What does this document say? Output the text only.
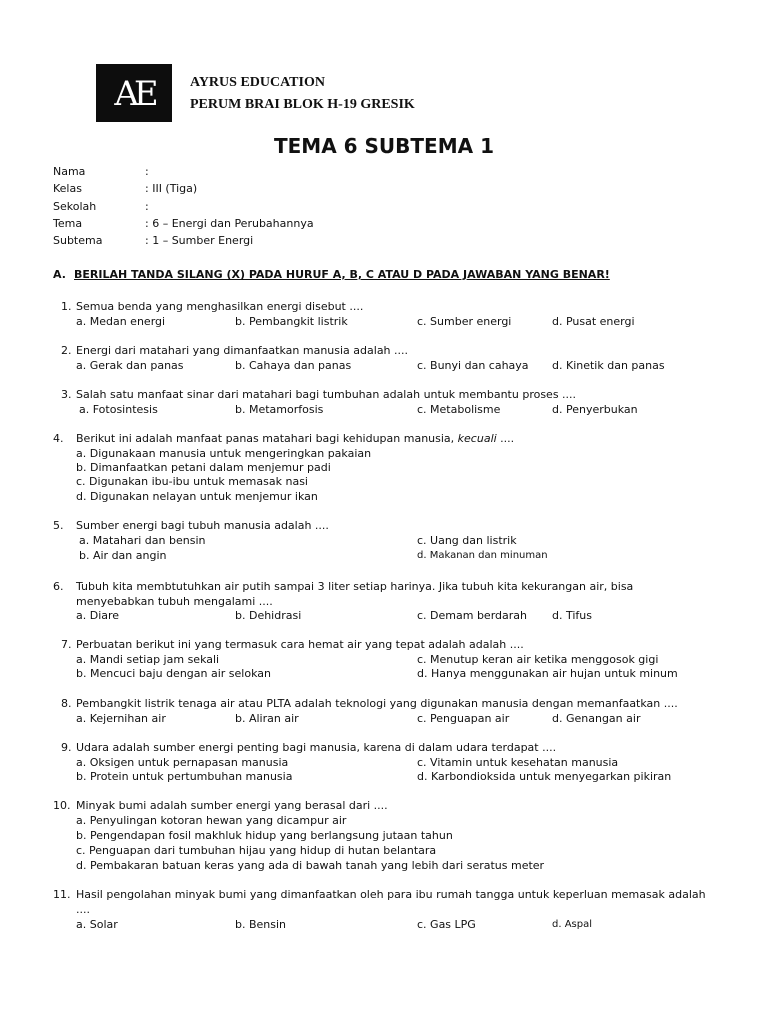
AE	AYRUS EDUCATION
PERUM BRAI BLOK H-19 GRESIK
TEMA 6 SUBTEMA 1
Nama	:
Kelas	: III (Tiga)
Sekolah	:
Tema	: 6 – Energi dan Perubahannya
Subtema	: 1 – Sumber Energi
A. BERILAH TANDA SILANG (X) PADA HURUF A, B, C ATAU D PADA JAWABAN YANG BENAR!
1. Semua benda yang menghasilkan energi disebut ....
a. Medan energi	b. Pembangkit listrik	c. Sumber energi	d. Pusat energi
2. Energi dari matahari yang dimanfaatkan manusia adalah ....
a. Gerak dan panas	b. Cahaya dan panas	c. Bunyi dan cahaya d. Kinetik dan panas
3. Salah satu manfaat sinar dari matahari bagi tumbuhan adalah untuk membantu proses ....
a. Fotosintesis	b. Metamorfosis	c. Metabolisme	d. Penyerbukan
4. Berikut ini adalah manfaat panas matahari bagi kehidupan manusia, kecuali ....
a. Digunakaan manusia untuk mengeringkan pakaian
b. Dimanfaatkan petani dalam menjemur padi
c. Digunakan ibu-ibu untuk memasak nasi
d. Digunakan nelayan untuk menjemur ikan
5. Sumber energi bagi tubuh manusia adalah ....
a. Matahari dan bensin
b. Air dan angin
c. Uang dan listrik
d. Makanan dan minuman
6. Tubuh kita membtutuhkan air putih sampai 3 liter setiap harinya. Jika tubuh kita kekurangan air, bisa
menyebabkan tubuh mengalami ....
a. Diare	b. Dehidrasi	c. Demam berdarah d. Tifus
7. Perbuatan berikut ini yang termasuk cara hemat air yang tepat adalah adalah ....
a. Mandi setiap jam sekali
b. Mencuci baju dengan air selokan
c. Menutup keran air ketika menggosok gigi
d. Hanya menggunakan air hujan untuk minum
8. Pembangkit listrik tenaga air atau PLTA adalah teknologi yang digunakan manusia dengan memanfaatkan ....
a. Kejernihan air	b. Aliran air	c. Penguapan air	d. Genangan air
9. Udara adalah sumber energi penting bagi manusia, karena di dalam udara terdapat ....
a. Oksigen untuk pernapasan manusia
b. Protein untuk pertumbuhan manusia
c. Vitamin untuk kesehatan manusia
d. Karbondioksida untuk menyegarkan pikiran
10. Minyak bumi adalah sumber energi yang berasal dari ....
a. Penyulingan kotoran hewan yang dicampur air
b. Pengendapan fosil makhluk hidup yang berlangsung jutaan tahun
c. Penguapan dari tumbuhan hijau yang hidup di hutan belantara
d. Pembakaran batuan keras yang ada di bawah tanah yang lebih dari seratus meter
11. Hasil pengolahan minyak bumi yang dimanfaatkan oleh para ibu rumah tangga untuk keperluan memasak adalah
....
a. Solar	b. Bensin	c. Gas LPG	d. Aspal
